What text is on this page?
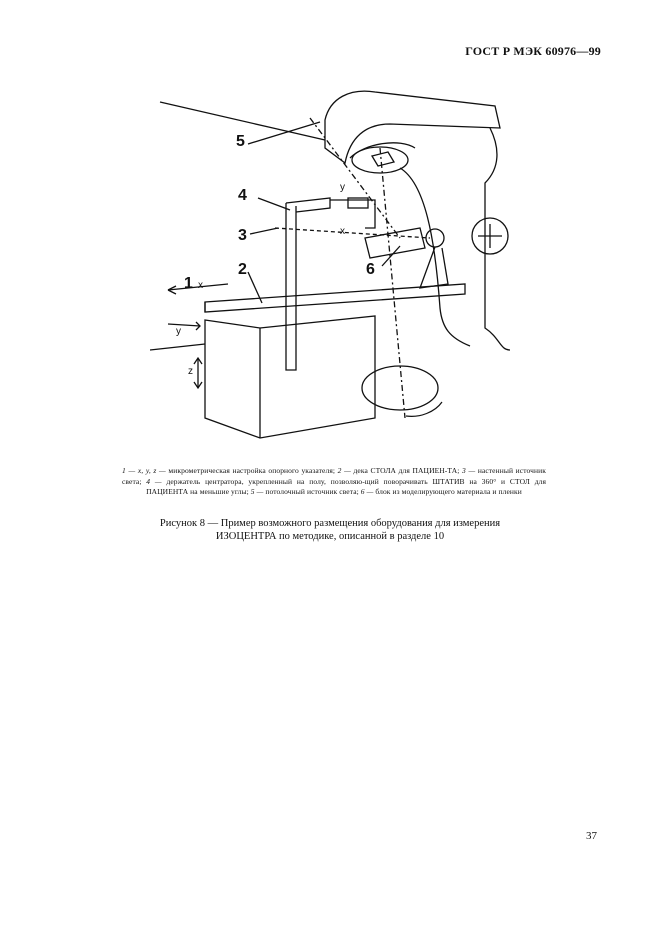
ГОСТ Р МЭК 60976—99
5
4
3
2	6
1 x
y
z
y
x
1 — x, y, z — микрометрическая настройка опорного указателя; 2 — дека СТОЛА для ПАЦИЕН-ТА; 3 — настенный источник света; 4 — держатель центратора, укрепленный на полу, позволяю-щий поворачивать ШТАТИВ на 360° и СТОЛ для ПАЦИЕНТА на меньшие углы; 5 — потолочный источник света; 6 — блок из моделирующего материала и пленки
Рисунок 8 — Пример возможного размещения оборудования для измерения
ИЗОЦЕНТРА по методике, описанной в разделе 10
37
